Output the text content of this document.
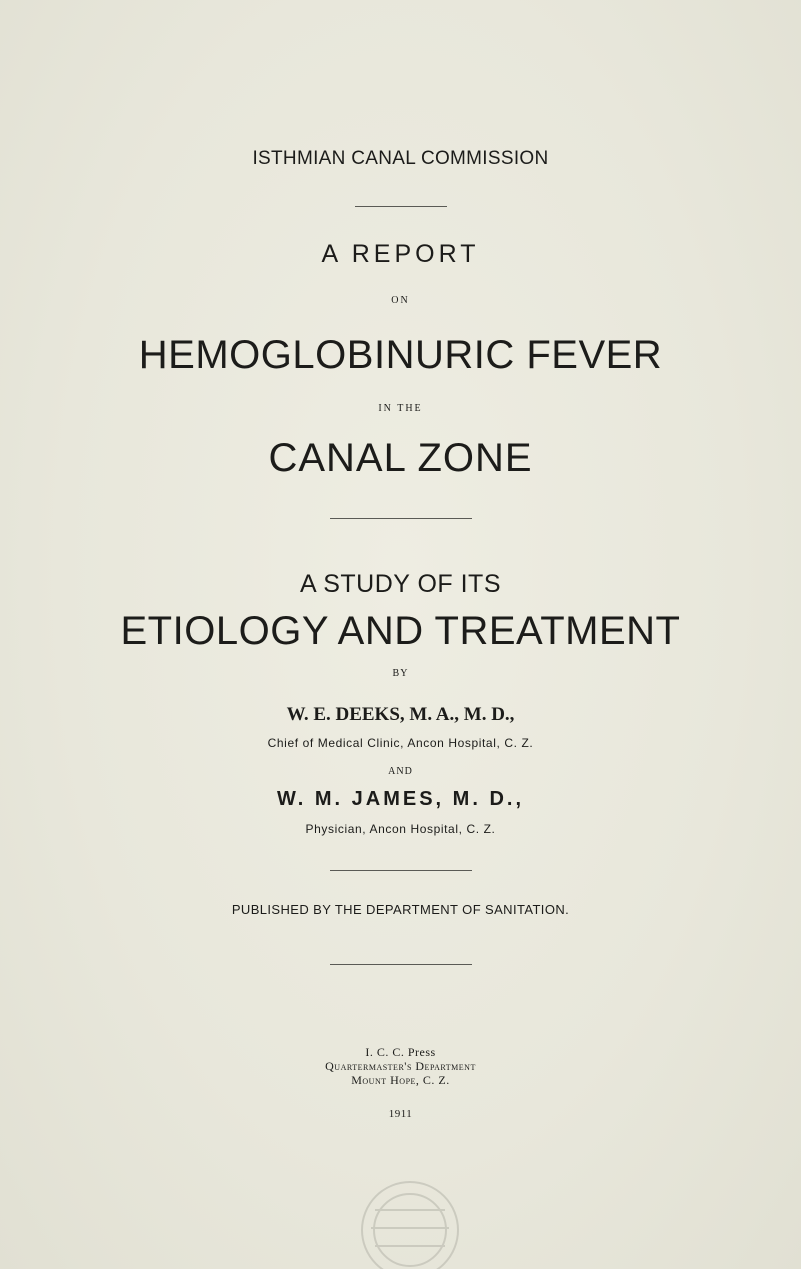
ISTHMIAN CANAL COMMISSION
A REPORT
ON
HEMOGLOBINURIC FEVER
IN THE
CANAL ZONE
A STUDY OF ITS
ETIOLOGY AND TREATMENT
BY
W. E. DEEKS, M. A., M. D.,
Chief of Medical Clinic, Ancon Hospital, C. Z.
AND
W. M. JAMES, M. D.,
Physician, Ancon Hospital, C. Z.
PUBLISHED BY THE DEPARTMENT OF SANITATION.
I. C. C. Press
Quartermaster's Department
Mount Hope, C. Z.
1911
